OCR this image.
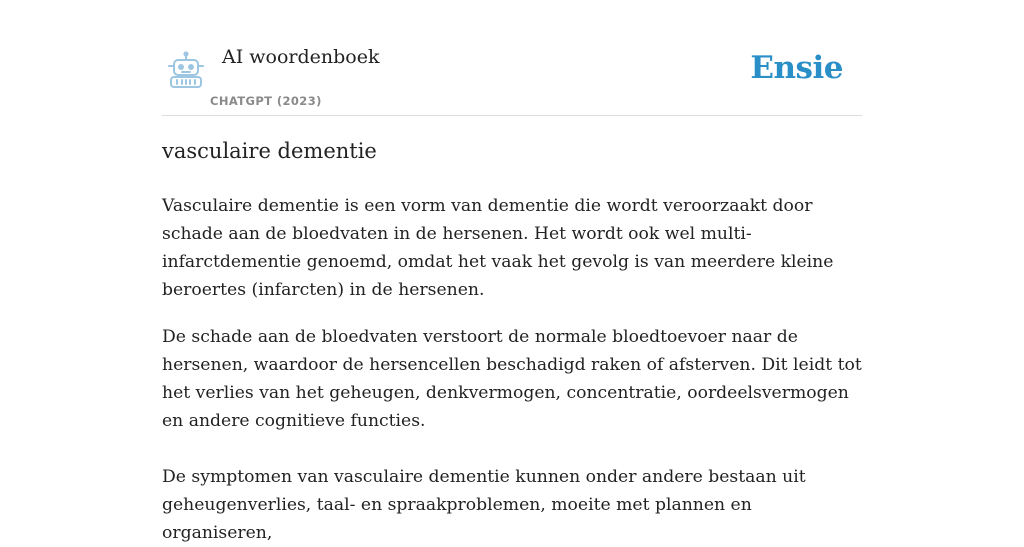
AI woordenboek
CHATGPT (2023)
Ensie
vasculaire dementie

Vasculaire dementie is een vorm van dementie die wordt veroorzaakt door schade aan de bloedvaten in de hersenen. Het wordt ook wel multi-infarctdementie genoemd, omdat het vaak het gevolg is van meerdere kleine beroertes (infarcten) in de hersenen.

De schade aan de bloedvaten verstoort de normale bloedtoevoer naar de hersenen, waardoor de hersencellen beschadigd raken of afsterven. Dit leidt tot het verlies van het geheugen, denkvermogen, concentratie, oordeelsvermogen en andere cognitieve functies.

De symptomen van vasculaire dementie kunnen onder andere bestaan uit geheugenverlies, taal- en spraakproblemen, moeite met plannen en organiseren,
